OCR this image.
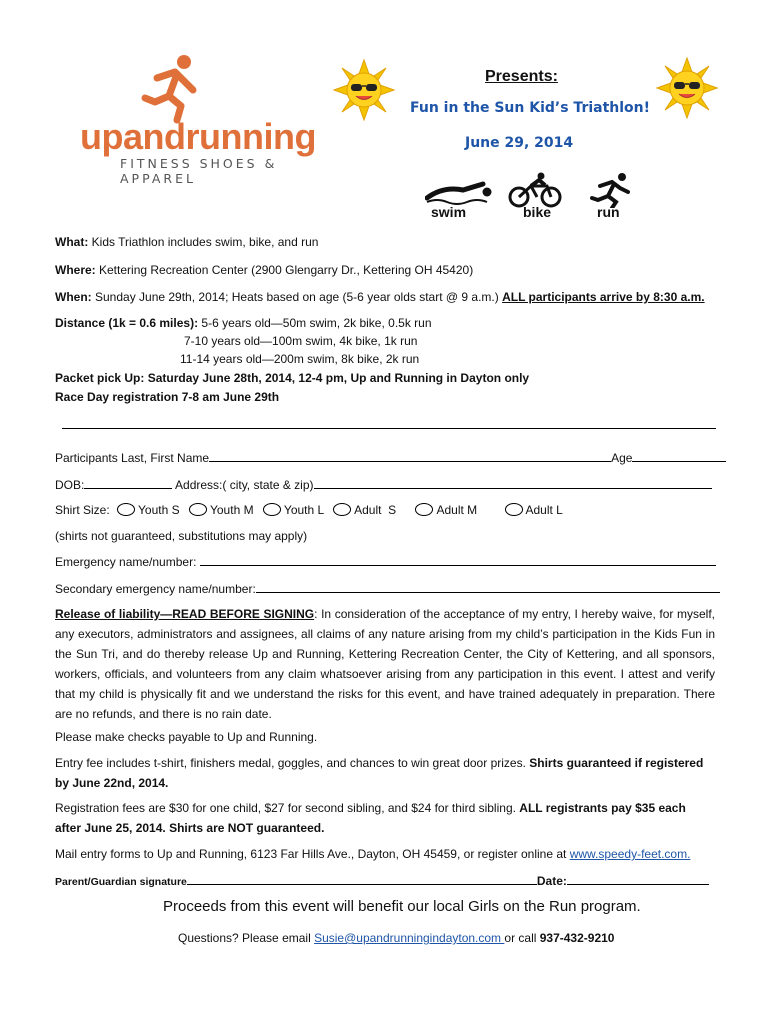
upandrunning
FITNESS SHOES & APPAREL
Presents:
Fun in the Sun Kid’s Triathlon!
June 29, 2014
swim	bike	run
What: Kids Triathlon includes swim, bike, and run
Where: Kettering Recreation Center (2900 Glengarry Dr., Kettering OH 45420)
When: Sunday June 29th, 2014; Heats based on age (5-6 year olds start @ 9 a.m.) ALL participants arrive by 8:30 a.m.
Distance (1k = 0.6 miles): 5-6 years old—50m swim, 2k bike, 0.5k run
7-10 years old—100m swim, 4k bike, 1k run
11-14 years old—200m swim, 8k bike, 2k run
Packet pick Up: Saturday June 28th, 2014, 12-4 pm, Up and Running in Dayton only
Race Day registration 7-8 am June 29th
Participants Last, First Name	Age
DOB:	Address:( city, state & zip)
Shirt Size: Youth S	Youth M	Youth L	Adult  S	Adult M	Adult L
(shirts not guaranteed, substitutions may apply)
Emergency name/number:
Secondary emergency name/number:
Release of liability—READ BEFORE SIGNING: In consideration of the acceptance of my entry, I hereby waive, for myself, any executors, administrators and assignees, all claims of any nature arising from my child’s participation in the Kids Fun in the Sun Tri, and do thereby release Up and Running, Kettering Recreation Center, the City of Kettering, and all sponsors, workers, officials, and volunteers from any claim whatsoever arising from any participation in this event. I attest and verify that my child is physically fit and we understand the risks for this event, and have trained adequately in preparation. There are no refunds, and there is no rain date.
Please make checks payable to Up and Running.
Entry fee includes t-shirt, finishers medal, goggles, and chances to win great door prizes. Shirts guaranteed if registered by June 22nd, 2014.
Registration fees are $30 for one child, $27 for second sibling, and $24 for third sibling. ALL registrants pay $35 each after June 25, 2014. Shirts are NOT guaranteed.
Mail entry forms to Up and Running, 6123 Far Hills Ave., Dayton, OH 45459, or register online at www.speedy-feet.com.
Parent/Guardian signature	Date:
Proceeds from this event will benefit our local Girls on the Run program.
Questions? Please email Susie@upandrunningindayton.com or call 937-432-9210
